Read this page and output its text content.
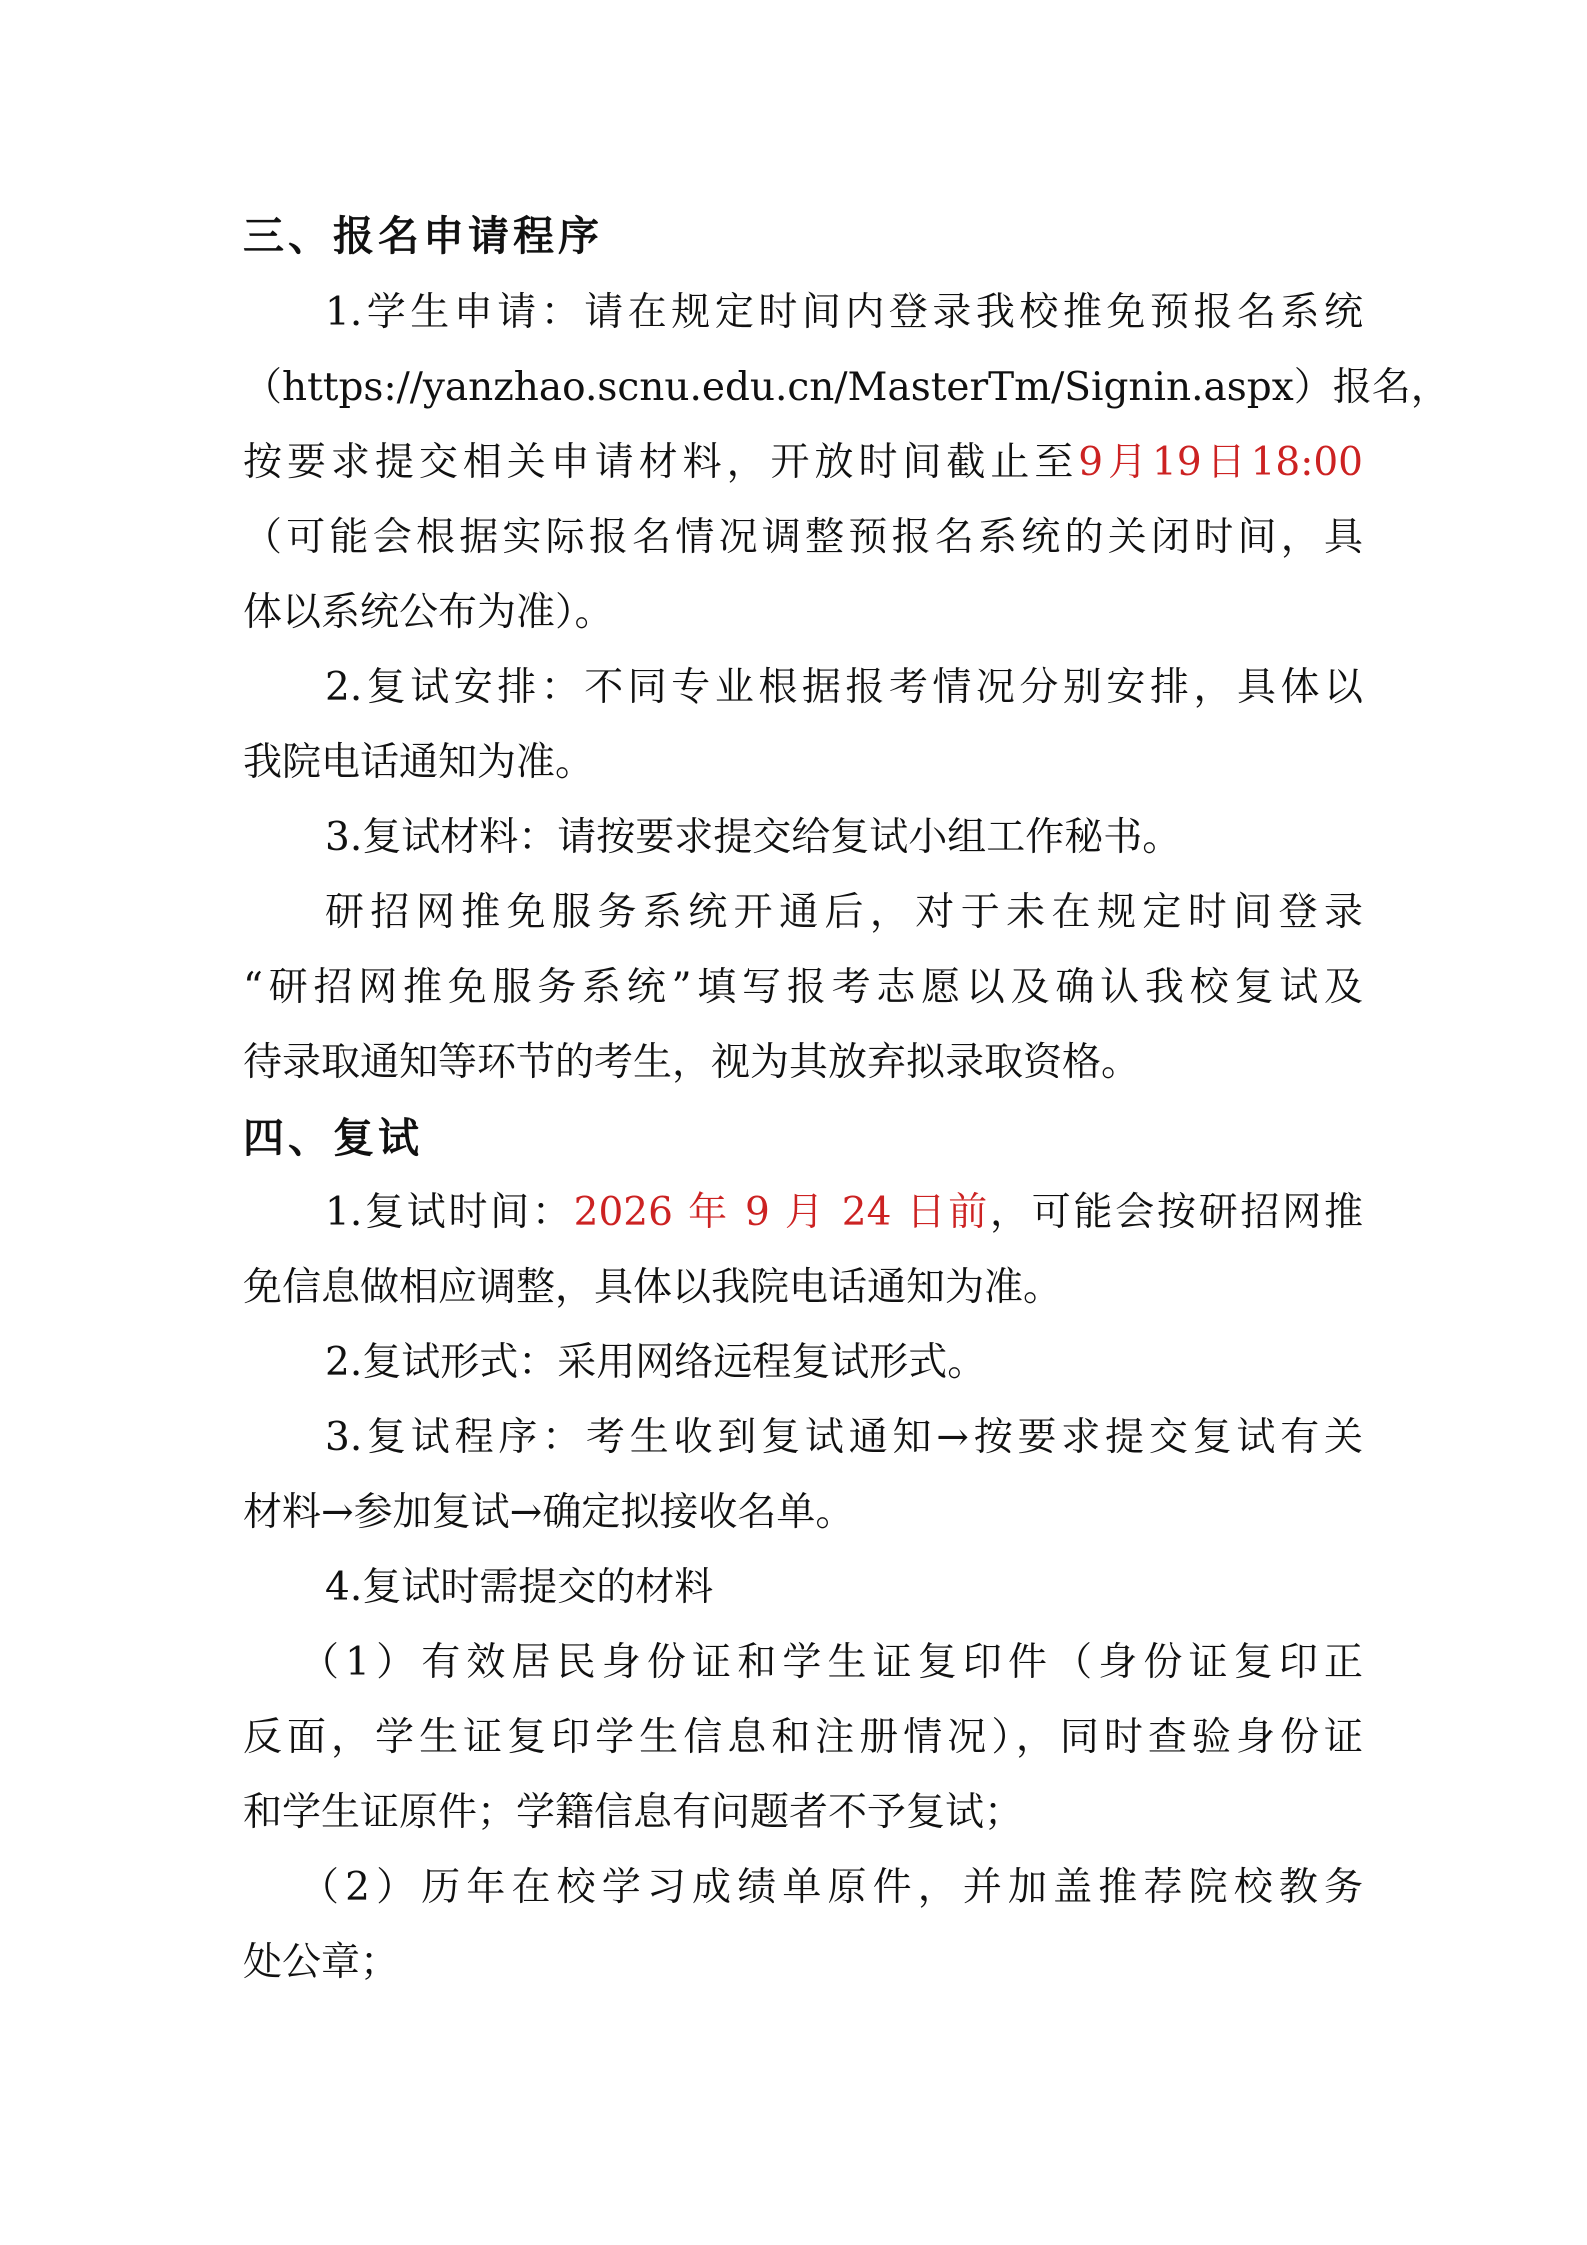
三、报名申请程序
1.学生申请：请在规定时间内登录我校推免预报名系统
（https://yanzhao.scnu.edu.cn/MasterTm/Signin.aspx）报名，
按要求提交相关申请材料，开放时间截止至9月19日18:00
（可能会根据实际报名情况调整预报名系统的关闭时间，具
体以系统公布为准）。
2.复试安排：不同专业根据报考情况分别安排，具体以
我院电话通知为准。
3.复试材料：请按要求提交给复试小组工作秘书。
研招网推免服务系统开通后，对于未在规定时间登录
“研招网推免服务系统”填写报考志愿以及确认我校复试及
待录取通知等环节的考生，视为其放弃拟录取资格。
四、复试
1.复试时间：2026 年 9 月 24 日前，可能会按研招网推
免信息做相应调整，具体以我院电话通知为准。
2.复试形式：采用网络远程复试形式。
3.复试程序：考生收到复试通知→按要求提交复试有关
材料→参加复试→确定拟接收名单。
4.复试时需提交的材料
（1）有效居民身份证和学生证复印件（身份证复印正
反面，学生证复印学生信息和注册情况），同时查验身份证
和学生证原件；学籍信息有问题者不予复试；
（2）历年在校学习成绩单原件，并加盖推荐院校教务
处公章；
